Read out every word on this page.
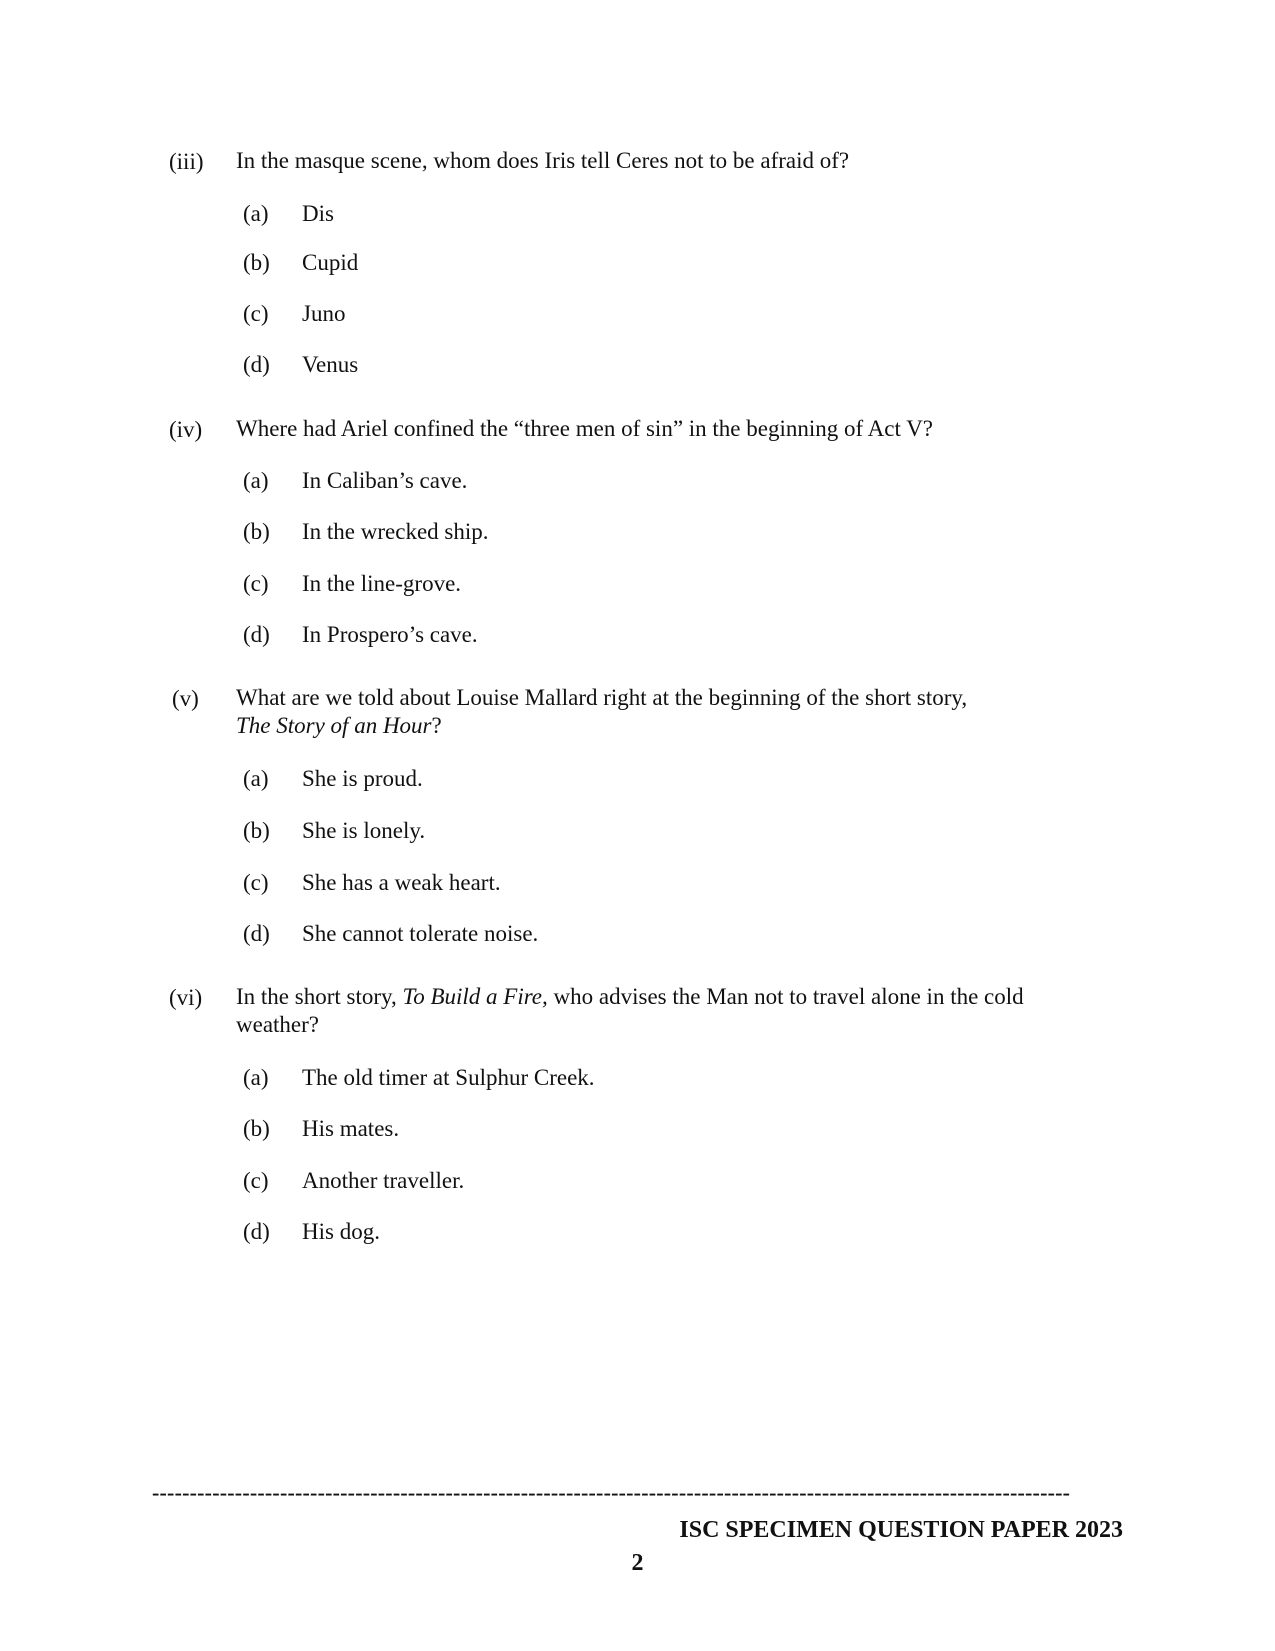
(iii) In the masque scene, whom does Iris tell Ceres not to be afraid of?
(a) Dis
(b) Cupid
(c) Juno
(d) Venus
(iv) Where had Ariel confined the “three men of sin” in the beginning of Act V?
(a) In Caliban’s cave.
(b) In the wrecked ship.
(c) In the line-grove.
(d) In Prospero’s cave.
(v) What are we told about Louise Mallard right at the beginning of the short story,
The Story of an Hour?
(a) She is proud.
(b) She is lonely.
(c) She has a weak heart.
(d) She cannot tolerate noise.
(vi) In the short story, To Build a Fire, who advises the Man not to travel alone in the cold weather?
(a) The old timer at Sulphur Creek.
(b) His mates.
(c) Another traveller.
(d) His dog.
--------------------------------------------------------------------------------------------------------------------------
ISC SPECIMEN QUESTION PAPER 2023
2
